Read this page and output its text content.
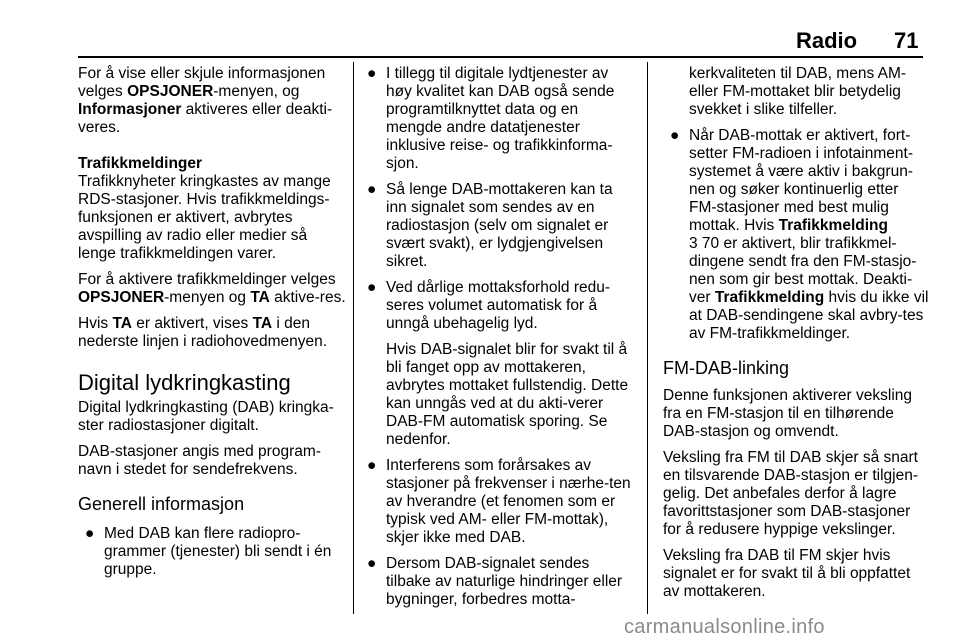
Radio 71

For å vise eller skjule informasjonen velges OPSJONER-menyen, og Informasjoner aktiveres eller deakti-veres.

Trafikkmeldinger

Trafikknyheter kringkastes av mange RDS-stasjoner. Hvis trafikkmeldings-funksjonen er aktivert, avbrytes avspilling av radio eller medier så lenge trafikkmeldingen varer.

For å aktivere trafikkmeldinger velges OPSJONER-menyen og TA aktive-res.

Hvis TA er aktivert, vises TA i den nederste linjen i radiohovedmenyen.

Digital lydkringkasting

Digital lydkringkasting (DAB) kringka-ster radiostasjoner digitalt.

DAB-stasjoner angis med program-navn i stedet for sendefrekvens.

Generell informasjon
● Med DAB kan flere radiopro-grammer (tjenester) bli sendt i én gruppe.
● I tillegg til digitale lydtjenester av høy kvalitet kan DAB også sende programtilknyttet data og en mengde andre datatjenester inklusive reise- og trafikkinforma-sjon.
● Så lenge DAB-mottakeren kan ta inn signalet som sendes av en radiostasjon (selv om signalet er svært svakt), er lydgjengivelsen sikret.
● Ved dårlige mottaksforhold redu-seres volumet automatisk for å unngå ubehagelig lyd.
Hvis DAB-signalet blir for svakt til å bli fanget opp av mottakeren, avbrytes mottaket fullstendig. Dette kan unngås ved at du akti-verer DAB-FM automatisk sporing. Se nedenfor.
● Interferens som forårsakes av stasjoner på frekvenser i nærhe-ten av hverandre (et fenomen som er typisk ved AM- eller FM-mottak), skjer ikke med DAB.
● Dersom DAB-signalet sendes tilbake av naturlige hindringer eller bygninger, forbedres motta-
kerkvaliteten til DAB, mens AM-eller FM-mottaket blir betydelig svekket i slike tilfeller.
● Når DAB-mottak er aktivert, fort-setter FM-radioen i infotainment-systemet å være aktiv i bakgrun-nen og søker kontinuerlig etter FM-stasjoner med best mulig mottak. Hvis Trafikkmelding
3 70 er aktivert, blir trafikkmel-dingene sendt fra den FM-stasjo-nen som gir best mottak. Deakti-ver Trafikkmelding hvis du ikke vil at DAB-sendingene skal avbry-tes av FM-trafikkmeldinger.
FM-DAB-linking

Denne funksjonen aktiverer veksling fra en FM-stasjon til en tilhørende DAB-stasjon og omvendt.

Veksling fra FM til DAB skjer så snart en tilsvarende DAB-stasjon er tilgjen-gelig. Det anbefales derfor å lagre favorittstasjoner som DAB-stasjoner for å redusere hyppige vekslinger.

Veksling fra DAB til FM skjer hvis signalet er for svakt til å bli oppfattet av mottakeren.

carmanualsonline.info
